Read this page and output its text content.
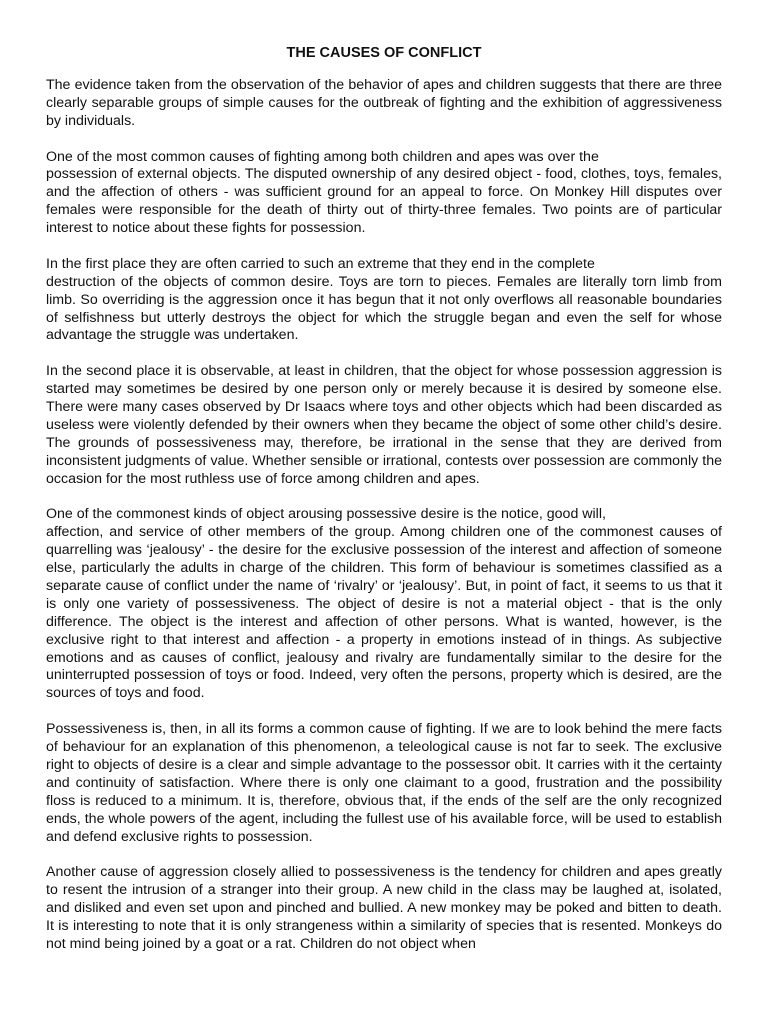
THE CAUSES OF CONFLICT
The evidence taken from the observation of the behavior of apes and children suggests that there are three clearly separable groups of simple causes for the outbreak of fighting and the exhibition of aggressiveness by individuals.
One of the most common causes of fighting among both children and apes was over the
possession of external objects. The disputed ownership of any desired object - food, clothes, toys, females, and the affection of others - was sufficient ground for an appeal to force. On Monkey Hill disputes over females were responsible for the death of thirty out of thirty-three females. Two points are of particular interest to notice about these fights for possession.
In the first place they are often carried to such an extreme that they end in the complete
destruction of the objects of common desire. Toys are torn to pieces. Females are literally torn limb from limb. So overriding is the aggression once it has begun that it not only overflows all reasonable boundaries of selfishness but utterly destroys the object for which the struggle began and even the self for whose advantage the struggle was undertaken.
In the second place it is observable, at least in children, that the object for whose possession aggression is started may sometimes be desired by one person only or merely because it is desired by someone else. There were many cases observed by Dr Isaacs where toys and other objects which had been discarded as useless were violently defended by their owners when they became the object of some other child’s desire. The grounds of possessiveness may, therefore, be irrational in the sense that they are derived from inconsistent judgments of value. Whether sensible or irrational, contests over possession are commonly the occasion for the most ruthless use of force among children and apes.
One of the commonest kinds of object arousing possessive desire is the notice, good will,
affection, and service of other members of the group. Among children one of the commonest causes of quarrelling was ‘jealousy’ - the desire for the exclusive possession of the interest and affection of someone else, particularly the adults in charge of the children. This form of behaviour is sometimes classified as a separate cause of conflict under the name of ‘rivalry’ or ‘jealousy’. But, in point of fact, it seems to us that it is only one variety of possessiveness. The object of desire is not a material object - that is the only difference. The object is the interest and affection of other persons. What is wanted, however, is the exclusive right to that interest and affection - a property in emotions instead of in things. As subjective emotions and as causes of conflict, jealousy and rivalry are fundamentally similar to the desire for the uninterrupted possession of toys or food. Indeed, very often the persons, property which is desired, are the sources of toys and food.
Possessiveness is, then, in all its forms a common cause of fighting. If we are to look behind the mere facts of behaviour for an explanation of this phenomenon, a teleological cause is not far to seek. The exclusive right to objects of desire is a clear and simple advantage to the possessor obit. It carries with it the certainty and continuity of satisfaction. Where there is only one claimant to a good, frustration and the possibility floss is reduced to a minimum. It is, therefore, obvious that, if the ends of the self are the only recognized ends, the whole powers of the agent, including the fullest use of his available force, will be used to establish and defend exclusive rights to possession.
Another cause of aggression closely allied to possessiveness is the tendency for children and apes greatly to resent the intrusion of a stranger into their group. A new child in the class may be laughed at, isolated, and disliked and even set upon and pinched and bullied. A new monkey may be poked and bitten to death. It is interesting to note that it is only strangeness within a similarity of species that is resented. Monkeys do not mind being joined by a goat or a rat. Children do not object when
